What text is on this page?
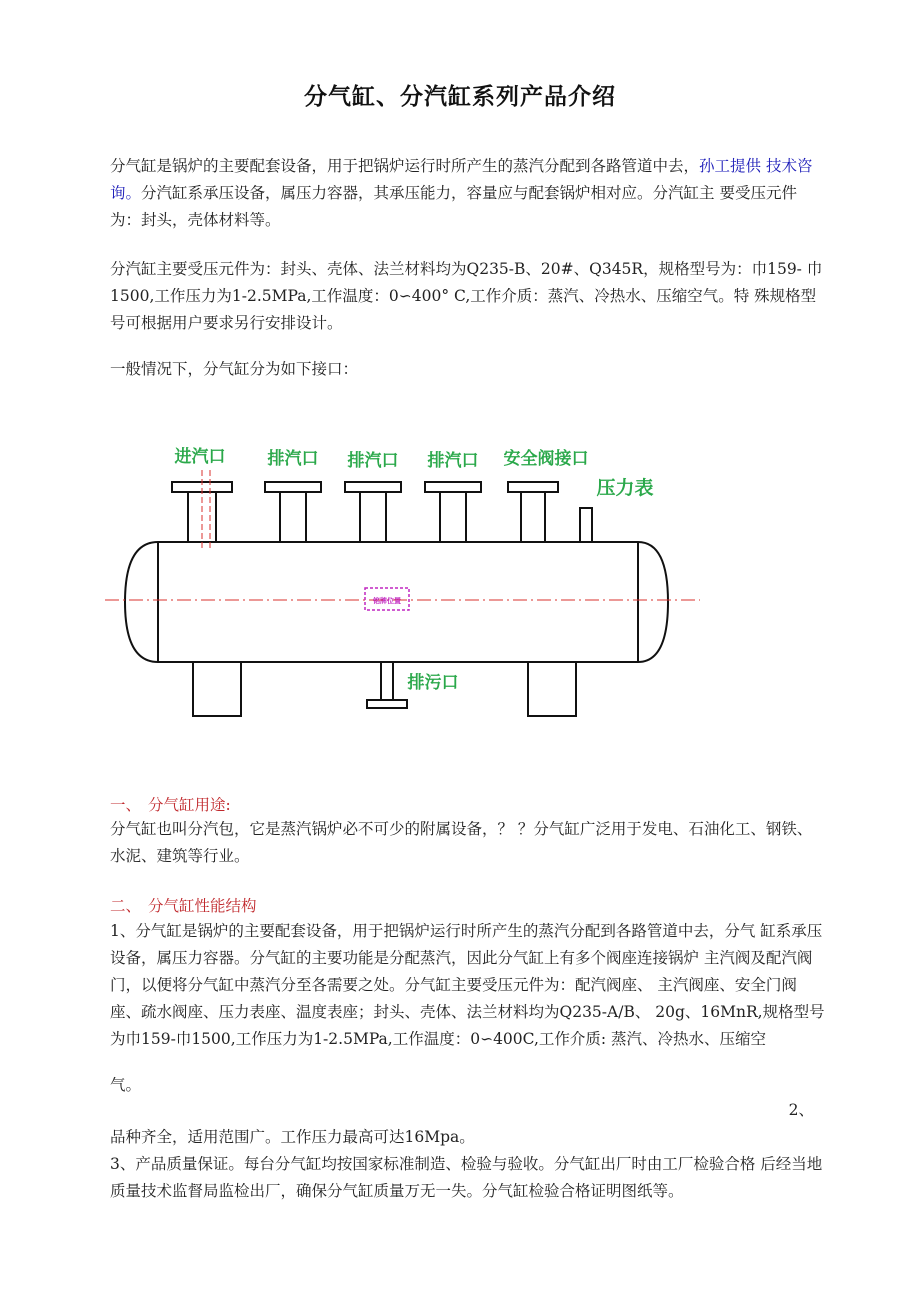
分气缸、分汽缸系列产品介绍

分气缸是锅炉的主要配套设备，用于把锅炉运行时所产生的蒸汽分配到各路管道中去，孙工提供 技术咨询。分汽缸系承压设备，属压力容器，其承压能力，容量应与配套锅炉相对应。分汽缸主 要受压元件为：封头，壳体材料等。

分汽缸主要受压元件为：封头、壳体、法兰材料均为Q235-B、20#、Q345R，规格型号为：巾159- 巾1500,工作压力为1-2.5MPa,工作温度：0∽400° C,工作介质：蒸汽、冷热水、压缩空气。特 殊规格型号可根据用户要求另行安排设计。

一般情况下，分气缸分为如下接口：

铭牌位置
进汽口 排汽口 排汽口 排汽口 安全阀接口
压力表
排污口

一、 分气缸用途:

分气缸也叫分汽包，它是蒸汽锅炉必不可少的附属设备，？ ？分气缸广泛用于发电、石油化工、钢铁、水泥、建筑等行业。

二、 分气缸性能结构

1、分气缸是锅炉的主要配套设备，用于把锅炉运行时所产生的蒸汽分配到各路管道中去，分气 缸系承压设备，属压力容器。分气缸的主要功能是分配蒸汽，因此分气缸上有多个阀座连接锅炉 主汽阀及配汽阀门，以便将分气缸中蒸汽分至各需要之处。分气缸主要受压元件为：配汽阀座、 主汽阀座、安全门阀座、疏水阀座、压力表座、温度表座；封头、壳体、法兰材料均为Q235-A/B、 20g、16MnR,规格型号为巾159-巾1500,工作压力为1-2.5MPa,工作温度：0∽400C,工作介质: 蒸汽、冷热水、压缩空

气。

2、

品种齐全，适用范围广。工作压力最高可达16Mpa。

3、产品质量保证。每台分气缸均按国家标准制造、检验与验收。分气缸出厂时由工厂检验合格 后经当地质量技术监督局监检出厂，确保分气缸质量万无一失。分气缸检验合格证明图纸等。
